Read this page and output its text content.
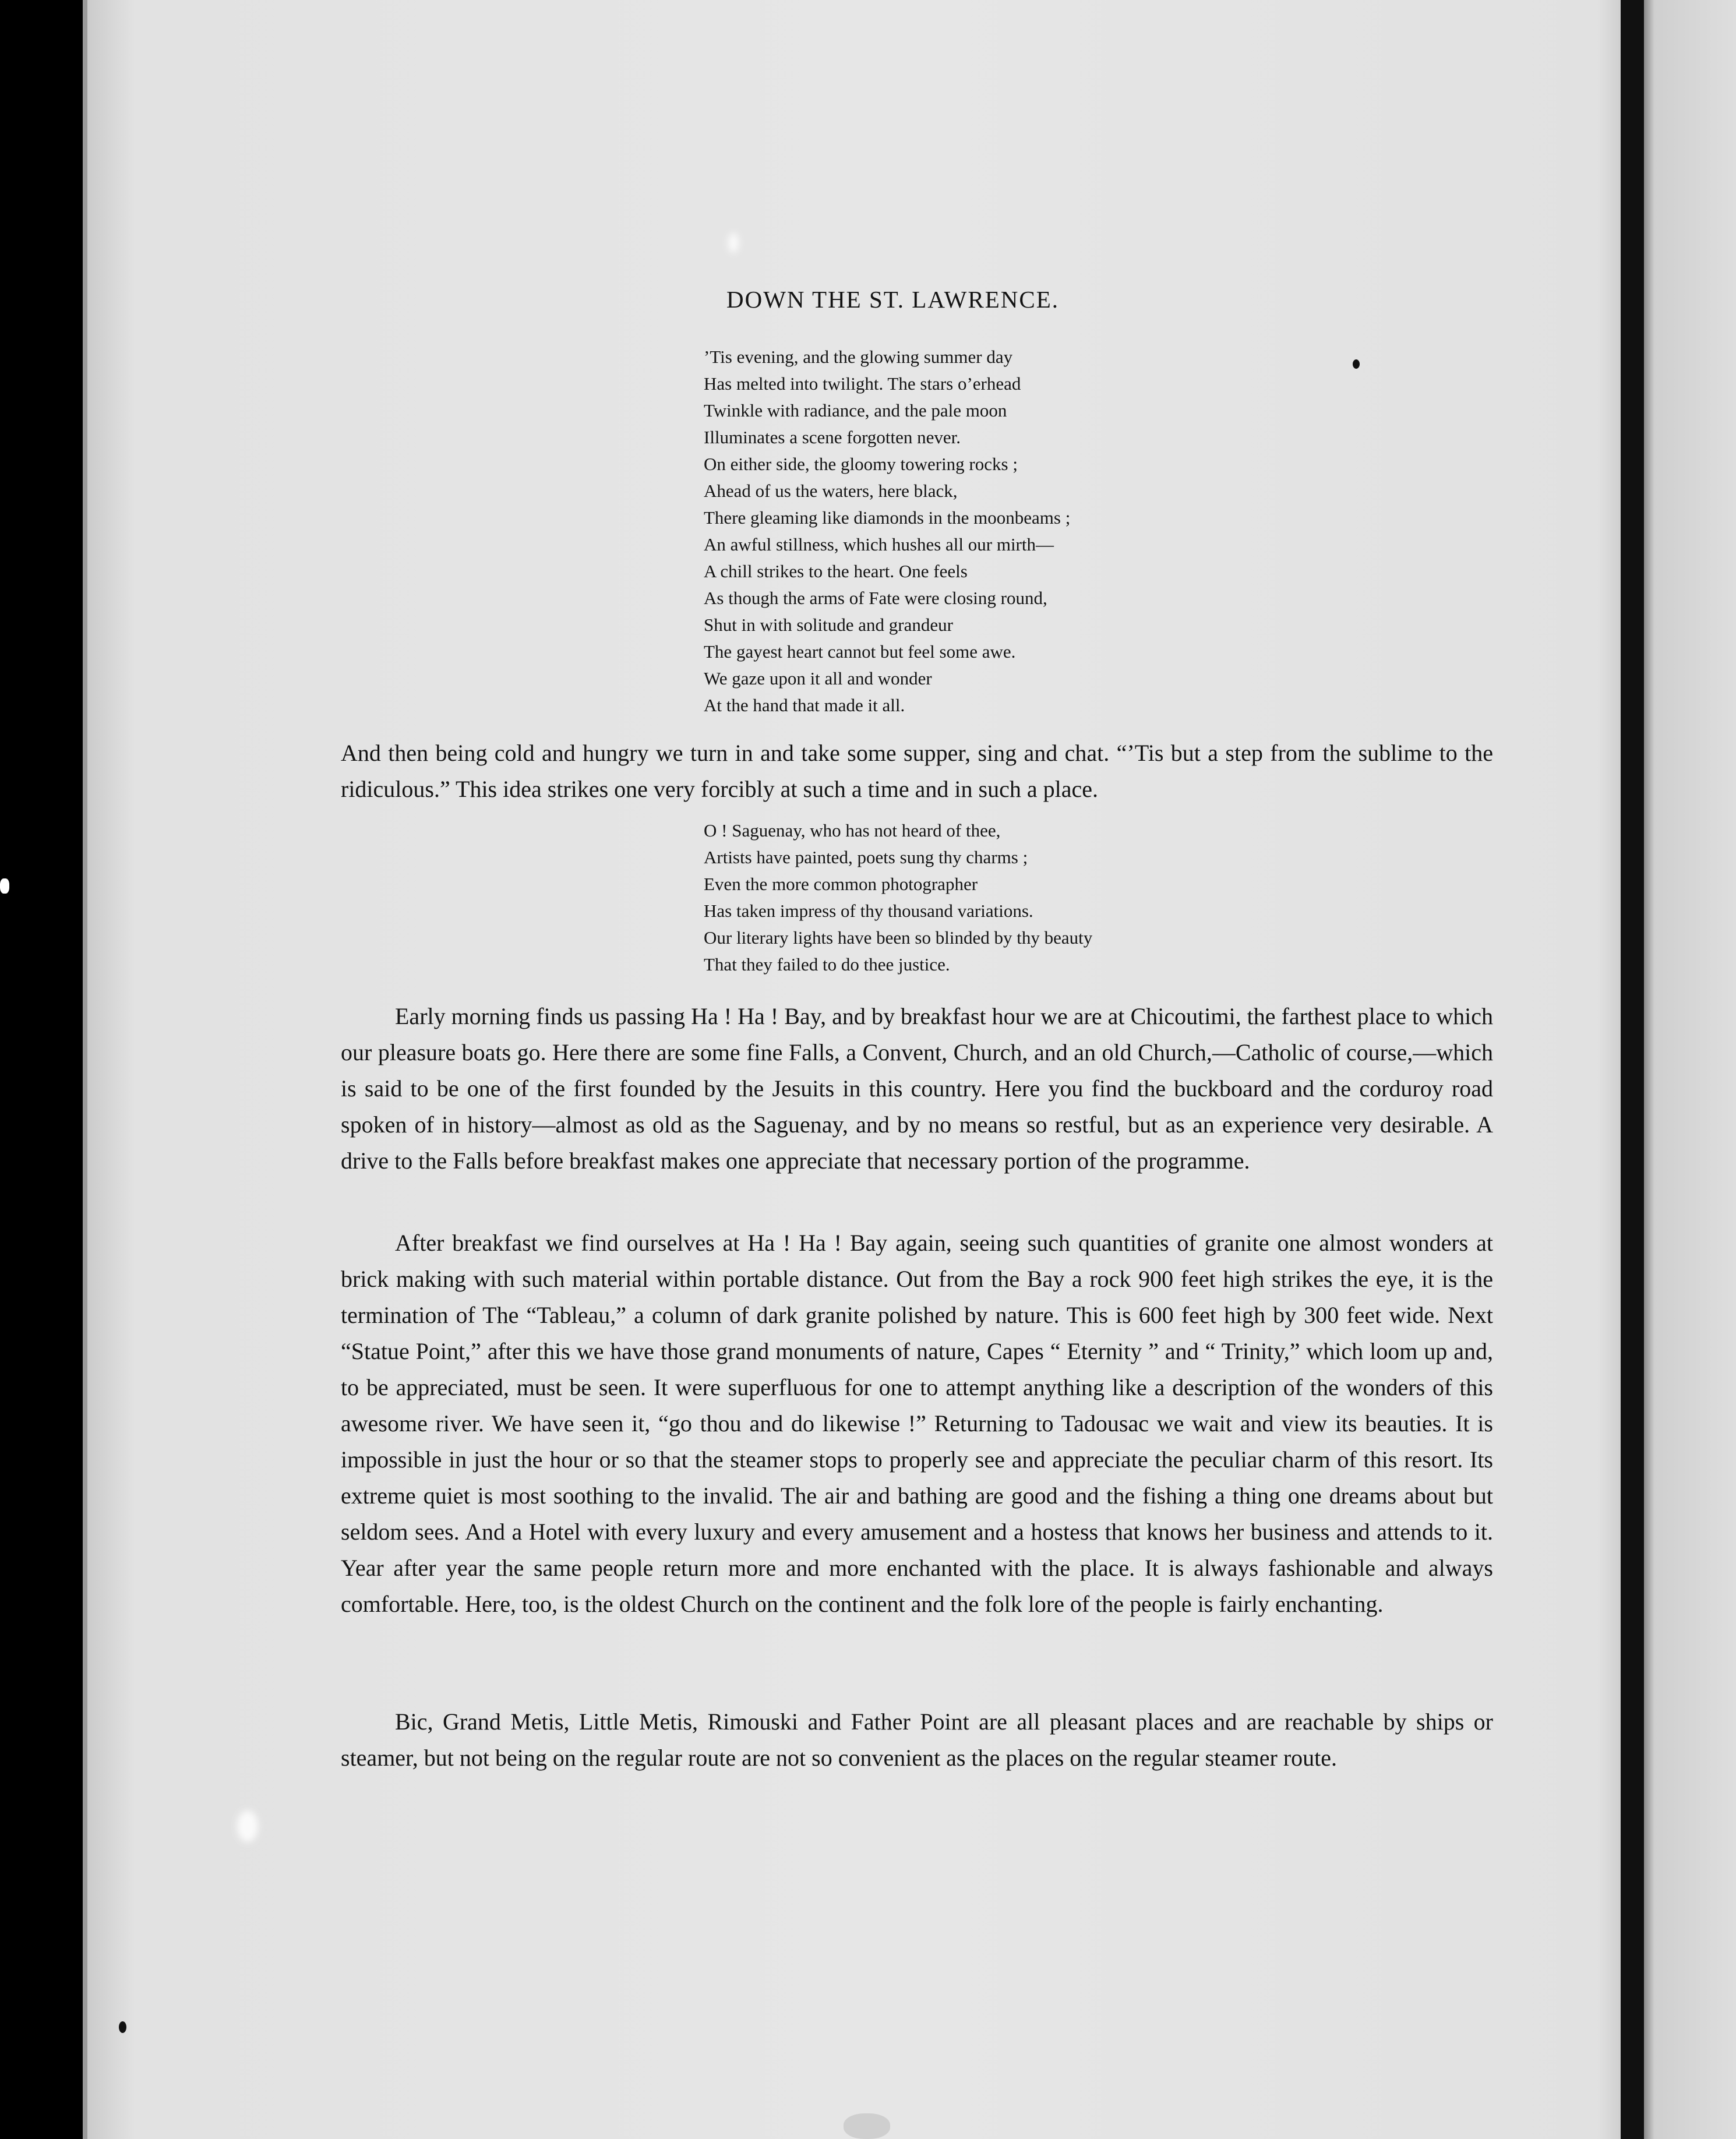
DOWN THE ST. LAWRENCE.
’Tis evening, and the glowing summer day
Has melted into twilight. The stars o’erhead
Twinkle with radiance, and the pale moon
Illuminates a scene forgotten never.
On either side, the gloomy towering rocks ;
Ahead of us the waters, here black,
There gleaming like diamonds in the moonbeams ;
An awful stillness, which hushes all our mirth—
A chill strikes to the heart. One feels
As though the arms of Fate were closing round,
Shut in with solitude and grandeur
The gayest heart cannot but feel some awe.
We gaze upon it all and wonder
At the hand that made it all.
And then being cold and hungry we turn in and take some supper, sing and chat. “’Tis but a step from the sublime to the ridiculous.” This idea strikes one very forcibly at such a time and in such a place.
O ! Saguenay, who has not heard of thee,
Artists have painted, poets sung thy charms ;
Even the more common photographer
Has taken impress of thy thousand variations.
Our literary lights have been so blinded by thy beauty
That they failed to do thee justice.
Early morning finds us passing Ha ! Ha ! Bay, and by breakfast hour we are at Chicoutimi, the farthest place to which our pleasure boats go. Here there are some fine Falls, a Convent, Church, and an old Church,—Catholic of course,—which is said to be one of the first founded by the Jesuits in this country. Here you find the buckboard and the corduroy road spoken of in history—almost as old as the Saguenay, and by no means so restful, but as an experience very desirable. A drive to the Falls before breakfast makes one appreciate that necessary portion of the programme.
After breakfast we find ourselves at Ha ! Ha ! Bay again, seeing such quantities of granite one almost wonders at brick making with such material within portable distance. Out from the Bay a rock 900 feet high strikes the eye, it is the termination of The “Tableau,” a column of dark granite polished by nature. This is 600 feet high by 300 feet wide. Next “Statue Point,” after this we have those grand monuments of nature, Capes “ Eternity ” and “ Trinity,” which loom up and, to be appreciated, must be seen. It were superfluous for one to attempt anything like a description of the wonders of this awesome river. We have seen it, “go thou and do likewise !” Returning to Tadousac we wait and view its beauties. It is impossible in just the hour or so that the steamer stops to properly see and appreciate the peculiar charm of this resort. Its extreme quiet is most soothing to the invalid. The air and bathing are good and the fishing a thing one dreams about but seldom sees. And a Hotel with every luxury and every amusement and a hostess that knows her business and attends to it. Year after year the same people return more and more enchanted with the place. It is always fashionable and always comfortable. Here, too, is the oldest Church on the continent and the folk lore of the people is fairly enchanting.
Bic, Grand Metis, Little Metis, Rimouski and Father Point are all pleasant places and are reachable by ships or steamer, but not being on the regular route are not so convenient as the places on the regular steamer route.
